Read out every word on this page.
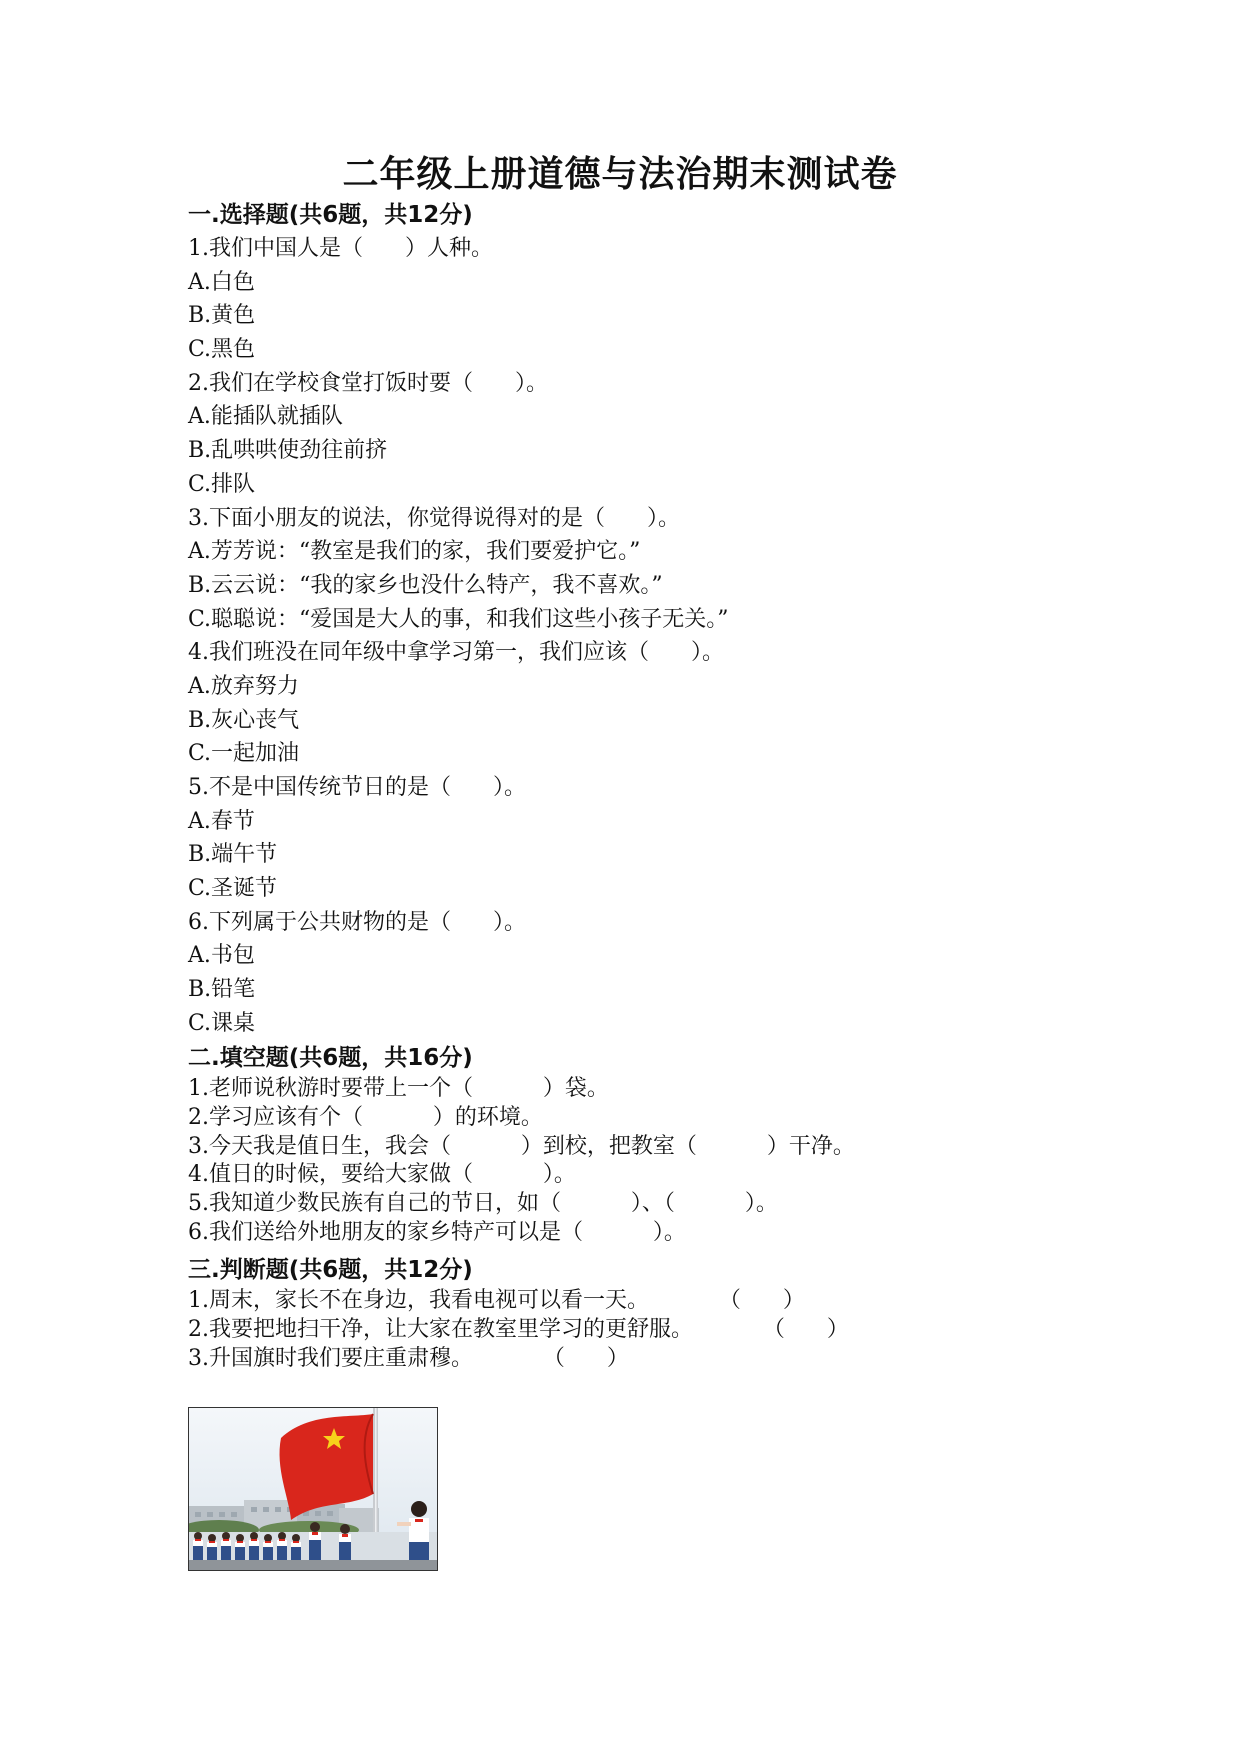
二年级上册道德与法治期末测试卷
一.选择题(共6题，共12分)
1.我们中国人是（      ）人种。
A.白色
B.黄色
C.黑色
2.我们在学校食堂打饭时要（      ）。
A.能插队就插队
B.乱哄哄使劲往前挤
C.排队
3.下面小朋友的说法，你觉得说得对的是（      ）。
A.芳芳说：“教室是我们的家，我们要爱护它。”
B.云云说：“我的家乡也没什么特产，我不喜欢。”
C.聪聪说：“爱国是大人的事，和我们这些小孩子无关。”
4.我们班没在同年级中拿学习第一，我们应该（      ）。
A.放弃努力
B.灰心丧气
C.一起加油
5.不是中国传统节日的是（      ）。
A.春节
B.端午节
C.圣诞节
6.下列属于公共财物的是（      ）。
A.书包
B.铅笔
C.课桌
二.填空题(共6题，共16分)
1.老师说秋游时要带上一个（          ）袋。
2.学习应该有个（          ）的环境。
3.今天我是值日生，我会（          ）到校，把教室（          ）干净。
4.值日的时候，要给大家做（          ）。
5.我知道少数民族有自己的节日，如（          ）、（          ）。
6.我们送给外地朋友的家乡特产可以是（          ）。
三.判断题(共6题，共12分)
1.周末，家长不在身边，我看电视可以看一天。          （      ）
2.我要把地扫干净，让大家在教室里学习的更舒服。          （      ）
3.升国旗时我们要庄重肃穆。          （      ）
